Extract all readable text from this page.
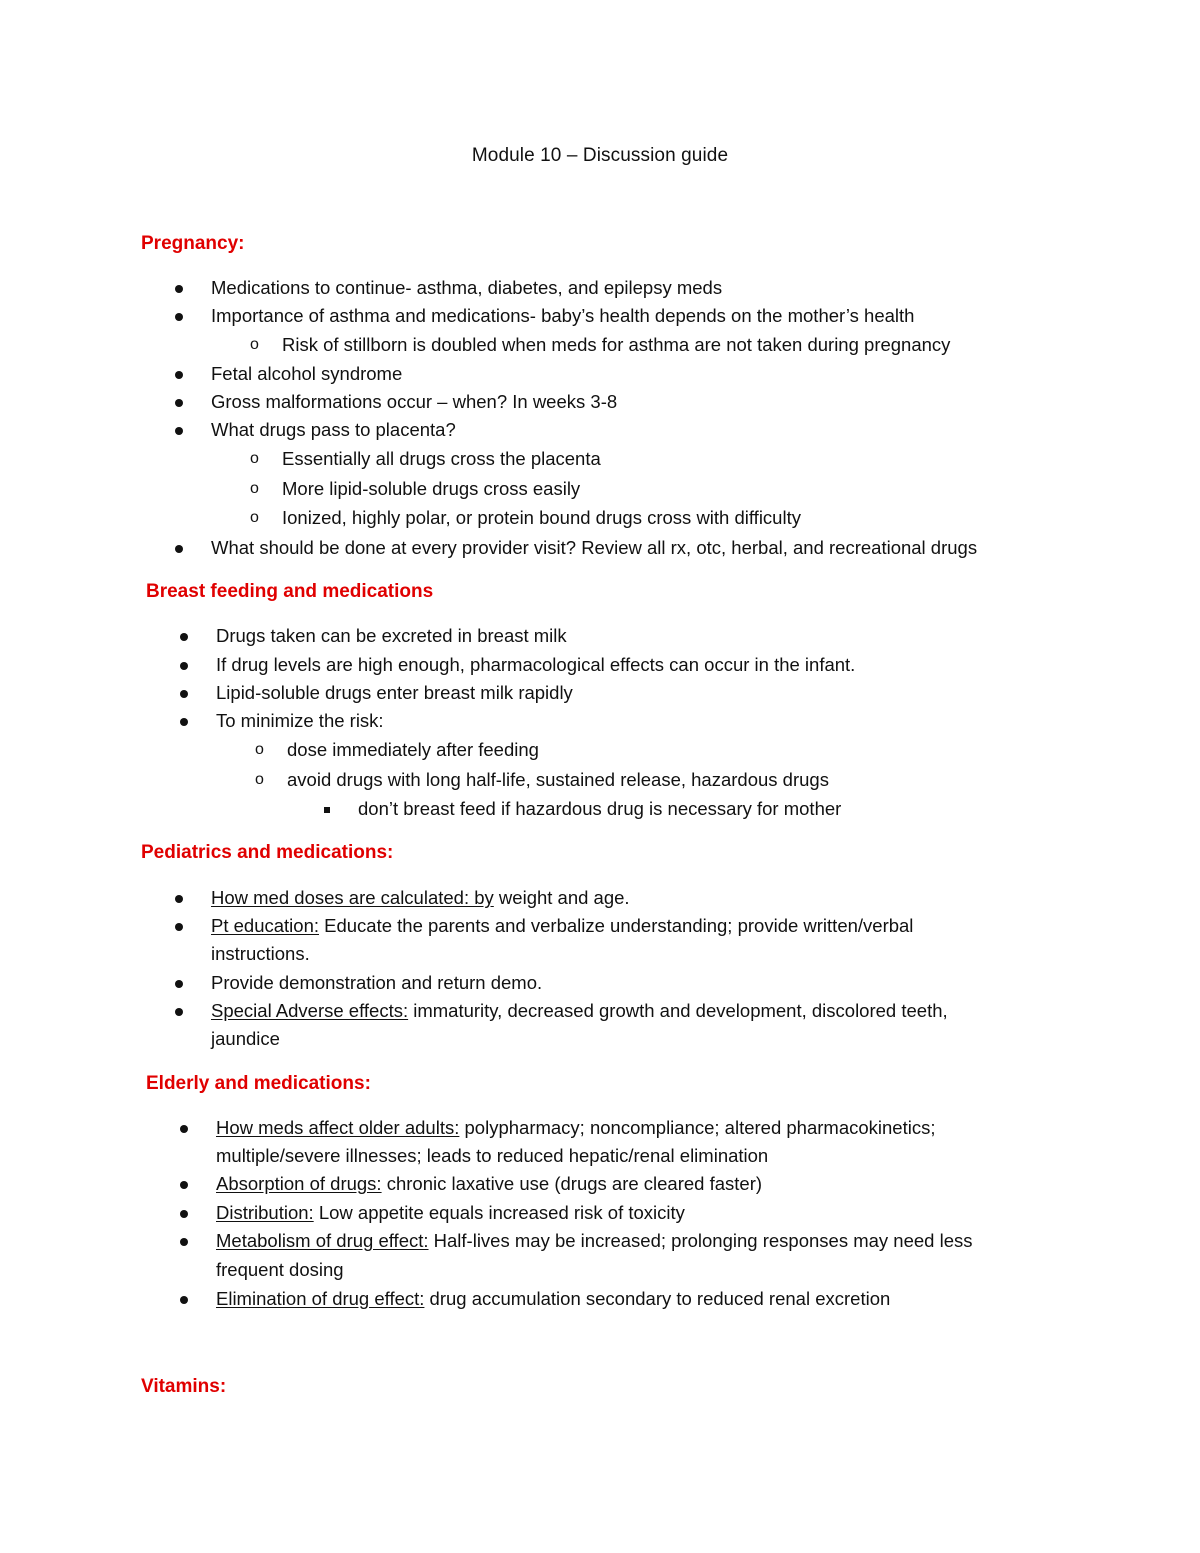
Module 10 – Discussion guide
Pregnancy:
Medications to continue- asthma, diabetes, and epilepsy meds
Importance of asthma and medications- baby’s health depends on the mother’s health
o Risk of stillborn is doubled when meds for asthma are not taken during pregnancy
Fetal alcohol syndrome
Gross malformations occur – when? In weeks 3-8
What drugs pass to placenta?
o Essentially all drugs cross the placenta
o More lipid-soluble drugs cross easily
o Ionized, highly polar, or protein bound drugs cross with difficulty
What should be done at every provider visit? Review all rx, otc, herbal, and recreational drugs
Breast feeding and medications
Drugs taken can be excreted in breast milk
If drug levels are high enough, pharmacological effects can occur in the infant.
Lipid-soluble drugs enter breast milk rapidly
To minimize the risk:
o dose immediately after feeding
o avoid drugs with long half-life, sustained release, hazardous drugs
don’t breast feed if hazardous drug is necessary for mother
Pediatrics and medications:
How med doses are calculated: by weight and age.
Pt education: Educate the parents and verbalize understanding; provide written/verbal
instructions.
Provide demonstration and return demo.
Special Adverse effects: immaturity, decreased growth and development, discolored teeth,
jaundice
Elderly and medications:
How meds affect older adults: polypharmacy; noncompliance; altered pharmacokinetics;
multiple/severe illnesses; leads to reduced hepatic/renal elimination
Absorption of drugs: chronic laxative use (drugs are cleared faster)
Distribution: Low appetite equals increased risk of toxicity
Metabolism of drug effect: Half-lives may be increased; prolonging responses may need less
frequent dosing
Elimination of drug effect: drug accumulation secondary to reduced renal excretion
Vitamins:
